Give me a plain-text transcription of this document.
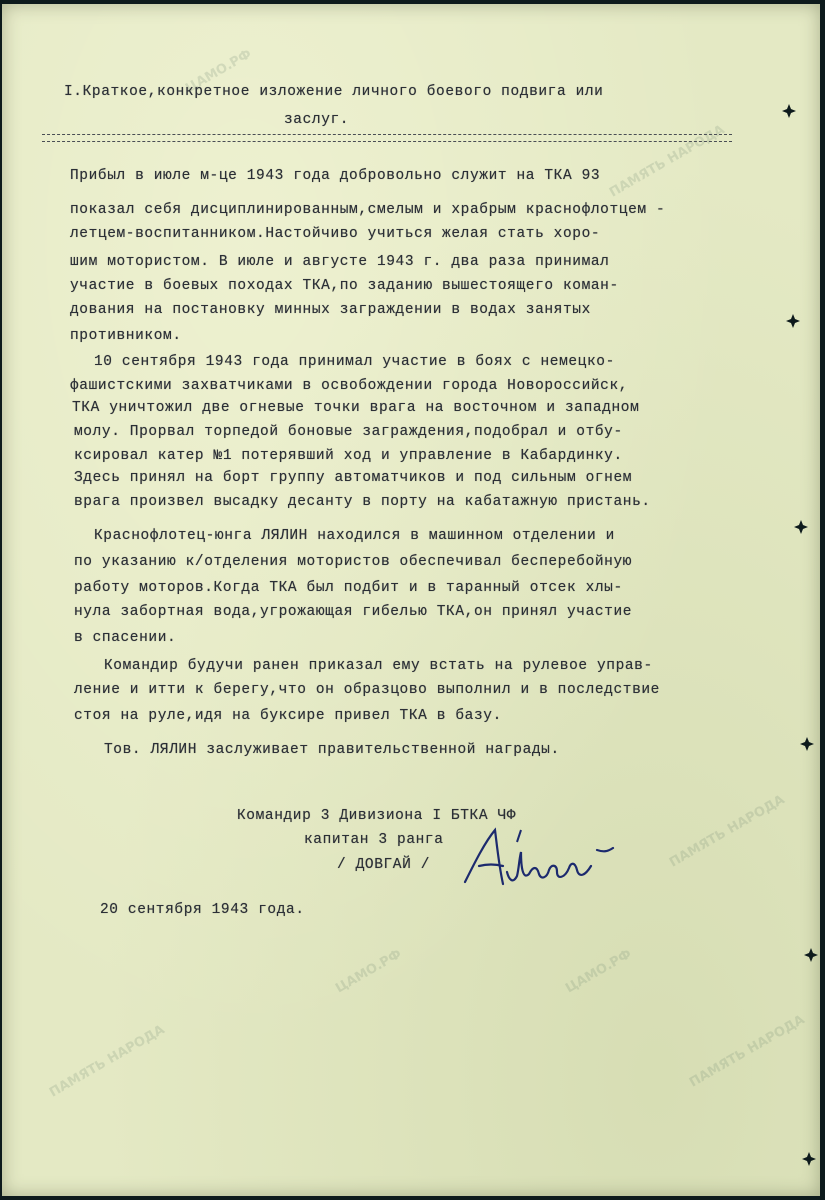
ПАМЯТЬ НАРОДА
ЦАМО.РФ
ПАМЯТЬ НАРОДА
ЦАМО.РФ
ПАМЯТЬ НАРОДА	ПАМЯТЬ НАРОДА
ЦАМО.РФ
I.Краткое,конкретное изложение личного боевого подвига или
заслуг.
Прибыл в июле м-це 1943 года добровольно служит на ТКА 93
показал себя дисциплинированным,смелым и храбрым краснофлотцем -
летцем-воспитанником.Настойчиво учиться желая стать хоро-
шим мотористом. В июле и августе 1943 г. два раза принимал
участие в боевых походах ТКА,по заданию вышестоящего коман-
дования на постановку минных заграждении в водах занятых
противником.
10 сентября 1943 года принимал участие в боях с немецко-
фашистскими захватчиками в освобождении города Новороссийск,
ТКА уничтожил две огневые точки врага на восточном и западном
молу. Прорвал торпедой боновые заграждения,подобрал и отбу-
ксировал катер №1 потерявший ход и управление в Кабардинку.
Здесь принял на борт группу автоматчиков и под сильным огнем
врага произвел высадку десанту в порту на кабатажную пристань.
Краснофлотец-юнга ЛЯЛИН находился в машинном отделении и
по указанию к/отделения мотористов обеспечивал бесперебойную
работу моторов.Когда ТКА был подбит и в таранный отсек хлы-
нула забортная вода,угрожающая гибелью ТКА,он принял участие
в спасении.
Командир будучи ранен приказал ему встать на рулевое управ-
ление и итти к берегу,что он образцово выполнил и в последствие
стоя на руле,идя на буксире привел ТКА в базу.
Тов. ЛЯЛИН заслуживает правительственной награды.
Командир 3 Дивизиона I БТКА ЧФ
капитан 3 ранга
/ ДОВГАЙ /
20 сентября 1943 года.
